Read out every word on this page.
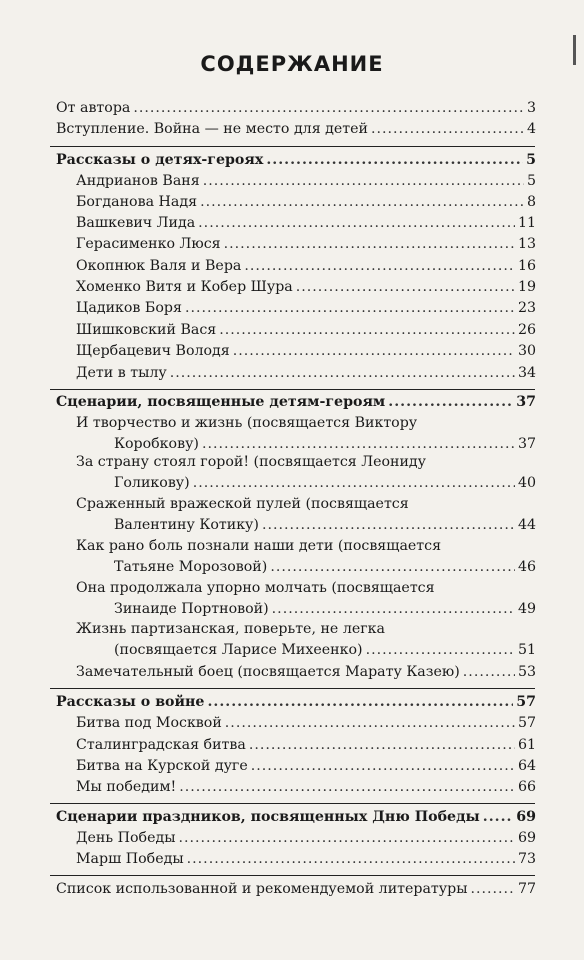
СОДЕРЖАНИЕ
От автора .....	3
Вступление. Война — не место для детей .....	4
Рассказы о детях-героях .....	5
Андрианов Ваня .....	5
Богданова Надя .....	8
Вашкевич Лида .....	11
Герасименко Люся .....	13
Окопнюк Валя и Вера .....	16
Хоменко Витя и Кобер Шура .....	19
Цадиков Боря .....	23
Шишковский Вася .....	26
Щербацевич Володя .....	30
Дети в тылу .....	34
Сценарии, посвященные детям-героям .....	37
И творчество и жизнь (посвящается Виктору
Коробкову) .....	37
За страну стоял горой! (посвящается Леониду
Голикову) .....	40
Сраженный вражеской пулей (посвящается
Валентину Котику) .....	44
Как рано боль познали наши дети (посвящается
Татьяне Морозовой) .....	46
Она продолжала упорно молчать (посвящается
Зинаиде Портновой) .....	49
Жизнь партизанская, поверьте, не легка
(посвящается Ларисе Михеенко) .....	51
Замечательный боец (посвящается Марату Казею) .....	53
Рассказы о войне .....	57
Битва под Москвой .....	57
Сталинградская битва .....	61
Битва на Курской дуге .....	64
Мы победим! .....	66
Сценарии праздников, посвященных Дню Победы .....	69
День Победы .....	69
Марш Победы .....	73
Список использованной и рекомендуемой литературы .....	77
